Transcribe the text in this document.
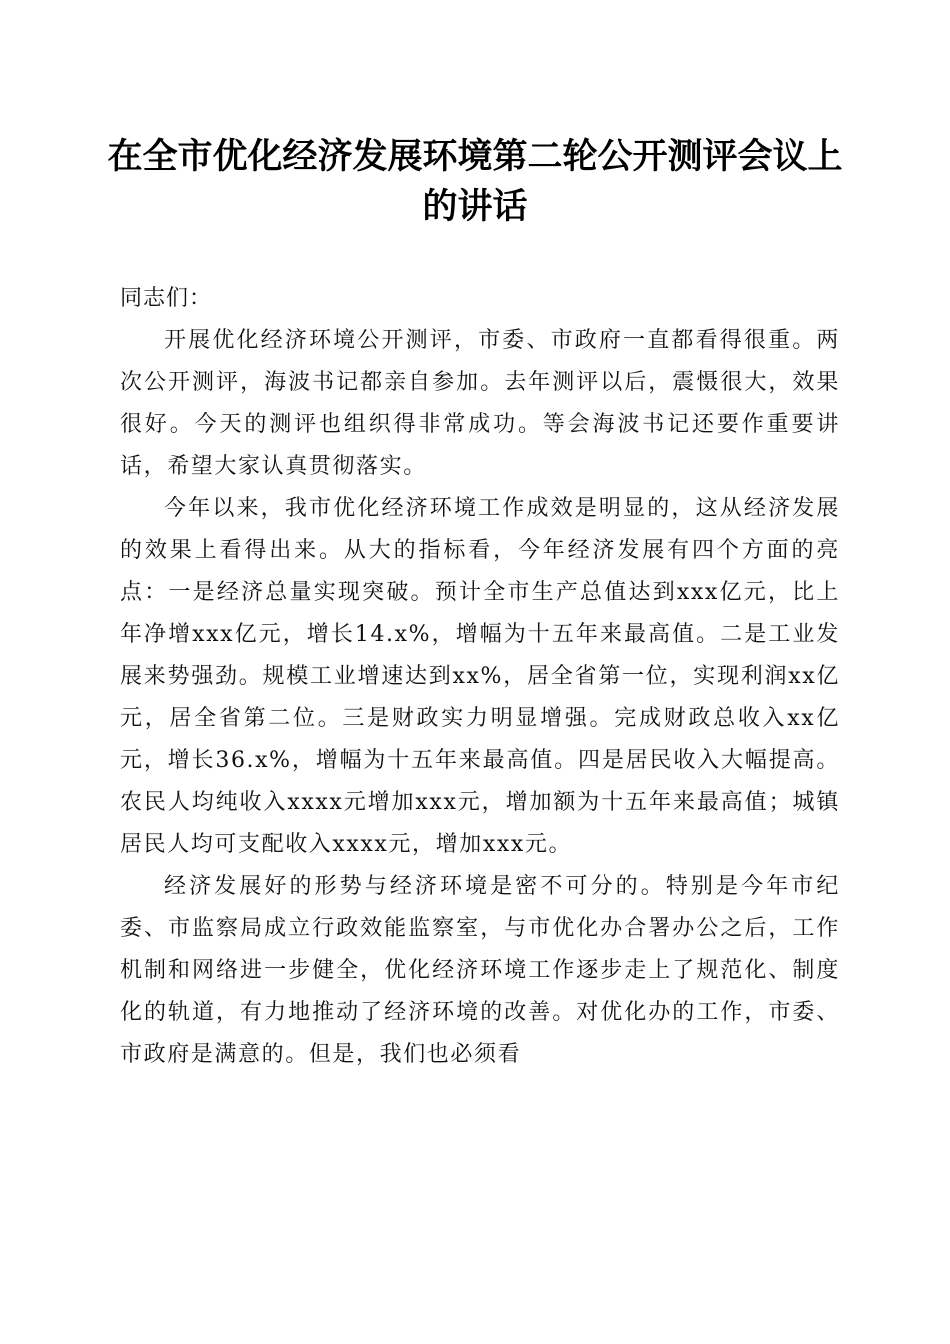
在全市优化经济发展环境第二轮公开测评会议上的讲话

同志们：

开展优化经济环境公开测评，市委、市政府一直都看得很重。两次公开测评，海波书记都亲自参加。去年测评以后，震慑很大，效果很好。今天的测评也组织得非常成功。等会海波书记还要作重要讲话，希望大家认真贯彻落实。

今年以来，我市优化经济环境工作成效是明显的，这从经济发展的效果上看得出来。从大的指标看，今年经济发展有四个方面的亮点：一是经济总量实现突破。预计全市生产总值达到xxx亿元，比上年净增xxx亿元，增长14.x%，增幅为十五年来最高值。二是工业发展来势强劲。规模工业增速达到xx%，居全省第一位，实现利润xx亿元，居全省第二位。三是财政实力明显增强。完成财政总收入xx亿元，增长36.x%，增幅为十五年来最高值。四是居民收入大幅提高。农民人均纯收入xxxx元增加xxx元，增加额为十五年来最高值；城镇居民人均可支配收入xxxx元，增加xxx元。

经济发展好的形势与经济环境是密不可分的。特别是今年市纪委、市监察局成立行政效能监察室，与市优化办合署办公之后，工作机制和网络进一步健全，优化经济环境工作逐步走上了规范化、制度化的轨道，有力地推动了经济环境的改善。对优化办的工作，市委、市政府是满意的。但是，我们也必须看
